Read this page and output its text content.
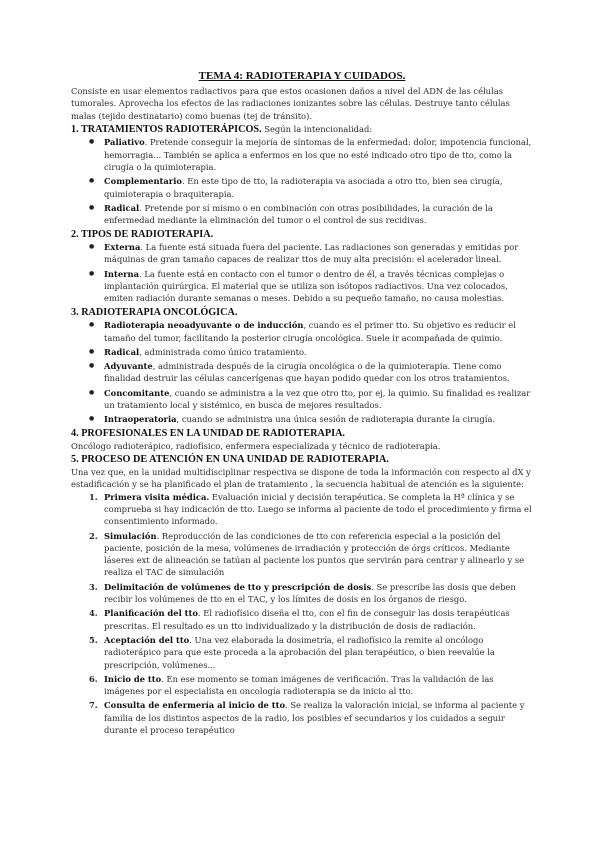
TEMA 4: RADIOTERAPIA Y CUIDADOS.

Consiste en usar elementos radiactivos para que estos ocasionen daños a nivel del ADN de las células tumorales. Aprovecha los efectos de las radiaciones ionizantes sobre las células. Destruye tanto células malas (tejido destinatario) como buenas (tej de tránsito).

1. TRATAMIENTOS RADIOTERÁPICOS. Según la intencionalidad:
● Paliativo. Pretende conseguir la mejoría de síntomas de la enfermedad: dolor, impotencia funcional, hemorragia... También se aplica a enfermos en los que no esté indicado otro tipo de tto, como la cirugía o la quimioterapia.
● Complementario. En este tipo de tto, la radioterapia va asociada a otro tto, bien sea cirugía, quimioterapia o braquiterapia.
● Radical. Pretende por sí mismo o en combinación con otras posibilidades, la curación de la enfermedad mediante la eliminación del tumor o el control de sus recidivas.
2. TIPOS DE RADIOTERAPIA.
● Externa. La fuente está situada fuera del paciente. Las radiaciones son generadas y emitidas por máquinas de gran tamaño capaces de realizar ttos de muy alta precisión: el acelerador lineal.
● Interna. La fuente está en contacto con el tumor o dentro de él, a través técnicas complejas o implantación quirúrgica. El material que se utiliza son isótopos radiactivos. Una vez colocados, emiten radiación durante semanas o meses. Debido a su pequeño tamaño, no causa molestias.
3. RADIOTERAPIA ONCOLÓGICA.
● Radioterapia neoadyuvante o de inducción, cuando es el primer tto. Su objetivo es reducir el tamaño del tumor, facilitando la posterior cirugía oncológica. Suele ir acompañada de quimio.
● Radical, administrada como único tratamiento.
● Adyuvante, administrada después de la cirugía oncológica o de la quimioterapia. Tiene como finalidad destruir las células cancerígenas que hayan podido quedar con los otros tratamientos.
● Concomitante, cuando se administra a la vez que otro tto, por ej, la quimio. Su finalidad es realizar un tratamiento local y sistémico, en busca de mejores resultados.
● Intraoperatoria, cuando se administra una única sesión de radioterapia durante la cirugía.
4. PROFESIONALES EN LA UNIDAD DE RADIOTERAPIA.

Oncólogo radioterápico, radiofísico, enfermera especializada y técnico de radioterapia.

5. PROCESO DE ATENCIÓN EN UNA UNIDAD DE RADIOTERAPIA.

Una vez que, en la unidad multidisciplinar respectiva se dispone de toda la información con respecto al dX y estadificación y se ha planificado el plan de tratamiento , la secuencia habitual de atención es la siguiente:

1. Primera visita médica. Evaluación inicial y decisión terapéutica. Se completa la Hª clínica y se comprueba si hay indicación de tto. Luego se informa al paciente de todo el procedimiento y firma el consentimiento informado.
2. Simulación. Reproducción de las condiciones de tto con referencia especial a la posición del paciente, posición de la mesa, volúmenes de irradiación y protección de órgs críticos. Mediante láseres ext de alineación se tatúan al paciente los puntos que servirán para centrar y alinearlo y se realiza el TAC de simulación
3. Delimitación de volúmenes de tto y prescripción de dosis. Se prescribe las dosis que deben recibir los volúmenes de tto en el TAC, y los límites de dosis en los órganos de riesgo.
4. Planificación del tto. El radiofísico diseña el tto, con el fin de conseguir las dosis terapéuticas prescritas. El resultado es un tto individualizado y la distribución de dosis de radiación.
5. Aceptación del tto. Una vez elaborada la dosimetría, el radiofísico la remite al oncólogo radioterápico para que este proceda a la aprobación del plan terapéutico, o bien reevalúe la prescripción, volúmenes...
6. Inicio de tto. En ese momento se toman imágenes de verificación. Tras la validación de las imágenes por el especialista en oncología radioterapia se da inicio al tto.
7. Consulta de enfermería al inicio de tto. Se realiza la valoración inicial, se informa al paciente y familia de los distintos aspectos de la radio, los posibles ef secundarios y los cuidados a seguir durante el proceso terapéutico
